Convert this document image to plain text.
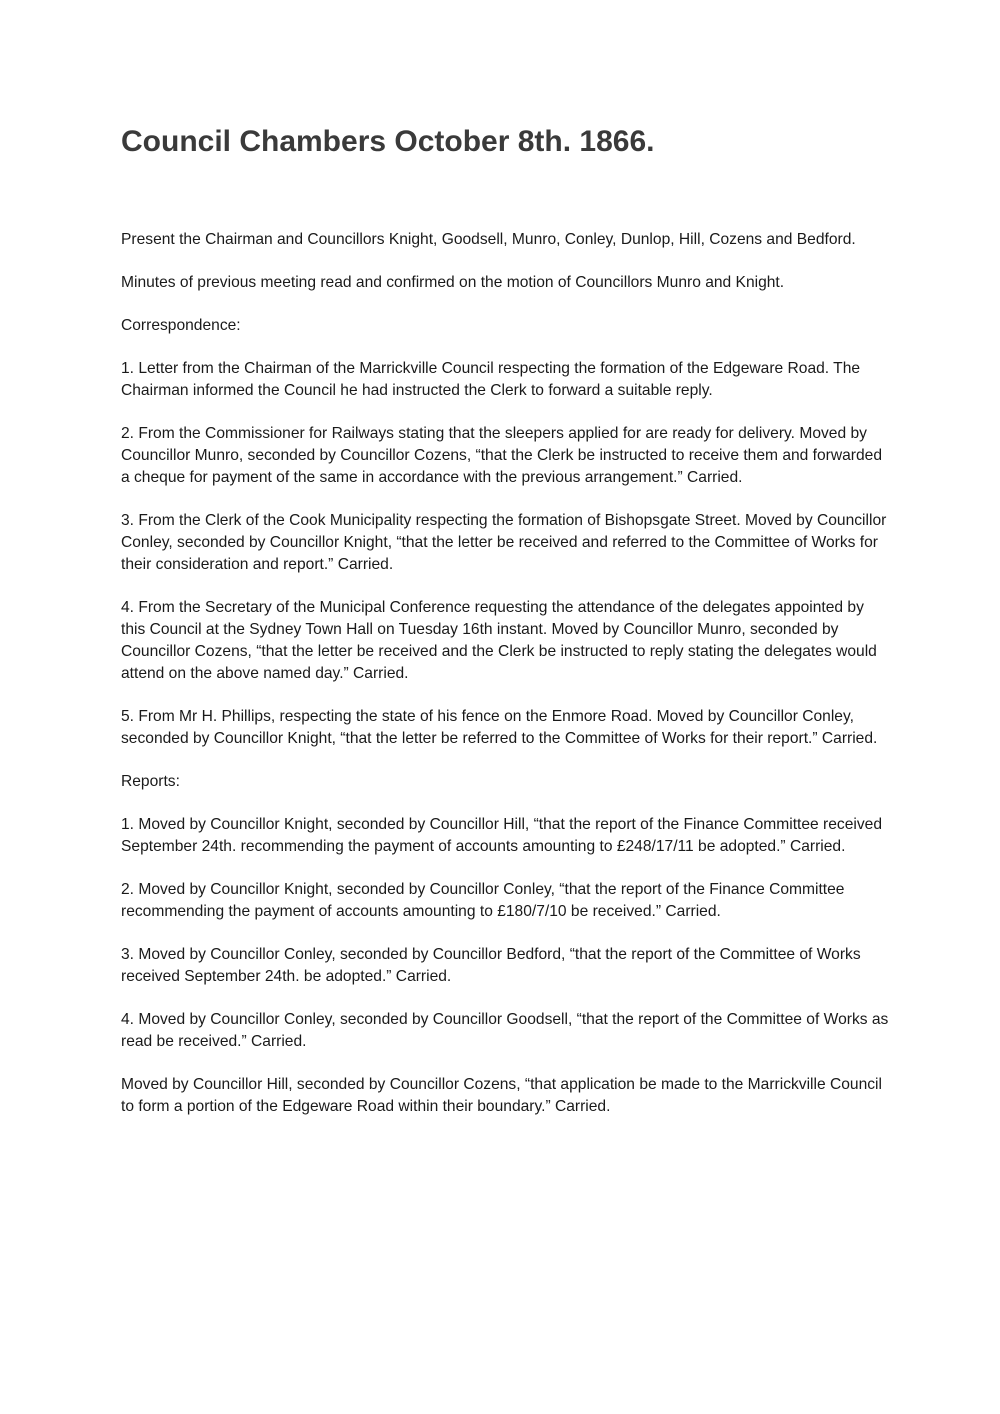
Council Chambers October 8th. 1866.

Present the Chairman and Councillors Knight, Goodsell, Munro, Conley, Dunlop, Hill, Cozens and Bedford.

Minutes of previous meeting read and confirmed on the motion of Councillors Munro and Knight.

Correspondence:

1. Letter from the Chairman of the Marrickville Council respecting the formation of the Edgeware Road. The Chairman informed the Council he had instructed the Clerk to forward a suitable reply.

2. From the Commissioner for Railways stating that the sleepers applied for are ready for delivery. Moved by Councillor Munro, seconded by Councillor Cozens, “that the Clerk be instructed to receive them and forwarded a cheque for payment of the same in accordance with the previous arrangement.” Carried.

3. From the Clerk of the Cook Municipality respecting the formation of Bishopsgate Street. Moved by Councillor Conley, seconded by Councillor Knight, “that the letter be received and referred to the Committee of Works for their consideration and report.” Carried.

4. From the Secretary of the Municipal Conference requesting the attendance of the delegates appointed by this Council at the Sydney Town Hall on Tuesday 16th instant. Moved by Councillor Munro, seconded by Councillor Cozens, “that the letter be received and the Clerk be instructed to reply stating the delegates would attend on the above named day.” Carried.

5. From Mr H. Phillips, respecting the state of his fence on the Enmore Road. Moved by Councillor Conley, seconded by Councillor Knight, “that the letter be referred to the Committee of Works for their report.” Carried.

Reports:

1. Moved by Councillor Knight, seconded by Councillor Hill, “that the report of the Finance Committee received September 24th. recommending the payment of accounts amounting to £248/17/11 be adopted.” Carried.

2. Moved by Councillor Knight, seconded by Councillor Conley, “that the report of the Finance Committee recommending the payment of accounts amounting to £180/7/10 be received.” Carried.

3. Moved by Councillor Conley, seconded by Councillor Bedford, “that the report of the Committee of Works received September 24th. be adopted.” Carried.

4. Moved by Councillor Conley, seconded by Councillor Goodsell, “that the report of the Committee of Works as read be received.” Carried.

Moved by Councillor Hill, seconded by Councillor Cozens, “that application be made to the Marrickville Council to form a portion of the Edgeware Road within their boundary.” Carried.
